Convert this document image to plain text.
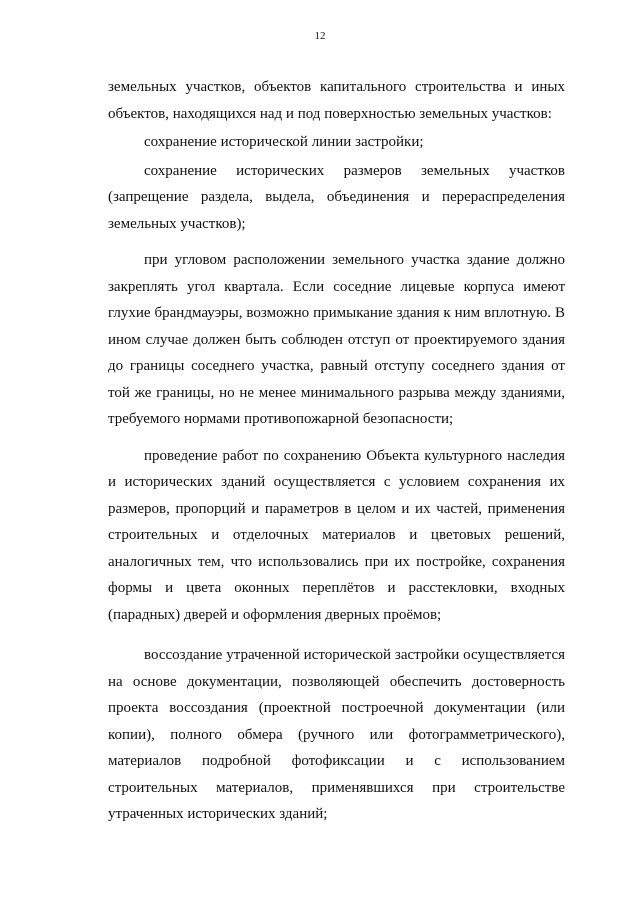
12

земельных участков, объектов капитального строительства и иных объектов, находящихся над и под поверхностью земельных участков:

сохранение исторической линии застройки;

сохранение исторических размеров земельных участков (запрещение раздела, выдела, объединения и перераспределения земельных участков);

при угловом расположении земельного участка здание должно закреплять угол квартала. Если соседние лицевые корпуса имеют глухие брандмауэры, возможно примыкание здания к ним вплотную. В ином случае должен быть соблюден отступ от проектируемого здания до границы соседнего участка, равный отступу соседнего здания от той же границы, но не менее минимального разрыва между зданиями, требуемого нормами противопожарной безопасности;

проведение работ по сохранению Объекта культурного наследия и исторических зданий осуществляется с условием сохранения их размеров, пропорций и параметров в целом и их частей, применения строительных и отделочных материалов и цветовых решений, аналогичных тем, что использовались при их постройке, сохранения формы и цвета оконных переплётов и расстекловки, входных (парадных) дверей и оформления дверных проёмов;

воссоздание утраченной исторической застройки осуществляется на основе документации, позволяющей обеспечить достоверность проекта воссоздания (проектной построечной документации (или копии), полного обмера (ручного или фотограмметрического), материалов подробной фотофиксации и с использованием строительных материалов, применявшихся при строительстве утраченных исторических зданий;
